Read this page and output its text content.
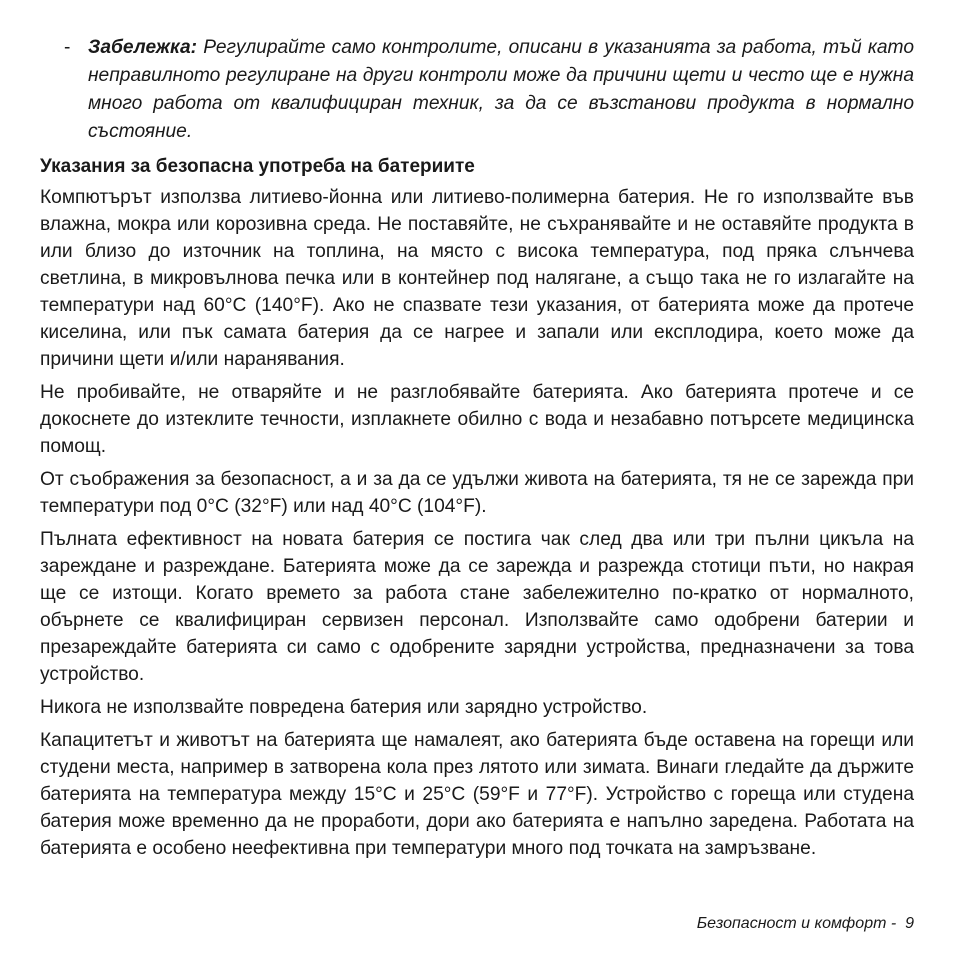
- Забележка: Регулирайте само контролите, описани в указанията за работа, тъй като неправилното регулиране на други контроли може да причини щети и често ще е нужна много работа от квалифициран техник, за да се възстанови продукта в нормално състояние.
Указания за безопасна употреба на батериите

Компютърът използва литиево-йонна или литиево-полимерна батерия. Не го използвайте във влажна, мокра или корозивна среда. Не поставяйте, не съхранявайте и не оставяйте продукта в или близо до източник на топлина, на място с висока температура, под пряка слънчева светлина, в микровълнова печка или в контейнер под налягане, а също така не го излагайте на температури над 60°C (140°F). Ако не спазвате тези указания, от батерията може да протече киселина, или пък самата батерия да се нагрее и запали или експлодира, което може да причини щети и/или наранявания.

Не пробивайте, не отваряйте и не разглобявайте батерията. Ако батерията протече и се докоснете до изтеклите течности, изплакнете обилно с вода и незабавно потърсете медицинска помощ.

От съображения за безопасност, а и за да се удължи живота на батерията, тя не се зарежда при температури под 0°C (32°F) или над 40°C (104°F).

Пълната ефективност на новата батерия се постига чак след два или три пълни цикъла на зареждане и разреждане. Батерията може да се зарежда и разрежда стотици пъти, но накрая ще се изтощи. Когато времето за работа стане забележително по-кратко от нормалното, обърнете се квалифициран сервизен персонал. Използвайте само одобрени батерии и презареждайте батерията си само с одобрените зарядни устройства, предназначени за това устройство.

Никога не използвайте повредена батерия или зарядно устройство.

Капацитетът и животът на батерията ще намалеят, ако батерията бъде оставена на горещи или студени места, например в затворена кола през лятото или зимата. Винаги гледайте да държите батерията на температура между 15°C и 25°C (59°F и 77°F). Устройство с гореща или студена батерия може временно да не проработи, дори ако батерията е напълно заредена. Работата на батерията е особено неефективна при температури много под точката на замръзване.

Безопасност и комфорт -  9
